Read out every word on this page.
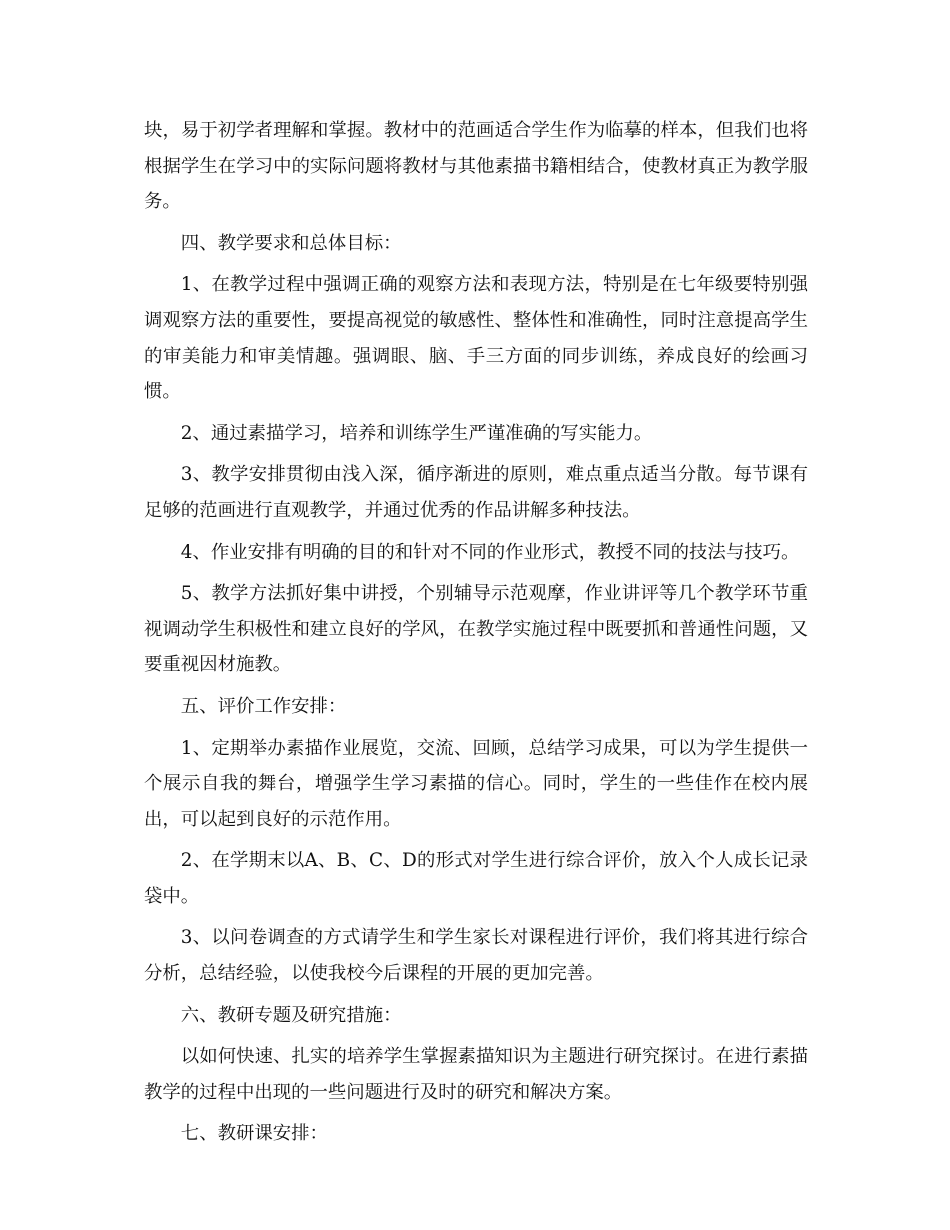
块，易于初学者理解和掌握。教材中的范画适合学生作为临摹的样本，但我们也将根据学生在学习中的实际问题将教材与其他素描书籍相结合，使教材真正为教学服务。

四、教学要求和总体目标：

1、在教学过程中强调正确的观察方法和表现方法，特别是在七年级要特别强调观察方法的重要性，要提高视觉的敏感性、整体性和准确性，同时注意提高学生的审美能力和审美情趣。强调眼、脑、手三方面的同步训练，养成良好的绘画习惯。

2、通过素描学习，培养和训练学生严谨准确的写实能力。

3、教学安排贯彻由浅入深，循序渐进的原则，难点重点适当分散。每节课有足够的范画进行直观教学，并通过优秀的作品讲解多种技法。

4、作业安排有明确的目的和针对不同的作业形式，教授不同的技法与技巧。

5、教学方法抓好集中讲授，个别辅导示范观摩，作业讲评等几个教学环节重视调动学生积极性和建立良好的学风，在教学实施过程中既要抓和普通性问题，又要重视因材施教。

五、评价工作安排：

1、定期举办素描作业展览，交流、回顾，总结学习成果，可以为学生提供一个展示自我的舞台，增强学生学习素描的信心。同时，学生的一些佳作在校内展出，可以起到良好的示范作用。

2、在学期末以A、B、C、D的形式对学生进行综合评价，放入个人成长记录袋中。

3、以问卷调查的方式请学生和学生家长对课程进行评价，我们将其进行综合分析，总结经验，以使我校今后课程的开展的更加完善。

六、教研专题及研究措施：

以如何快速、扎实的培养学生掌握素描知识为主题进行研究探讨。在进行素描教学的过程中出现的一些问题进行及时的研究和解决方案。

七、教研课安排：
